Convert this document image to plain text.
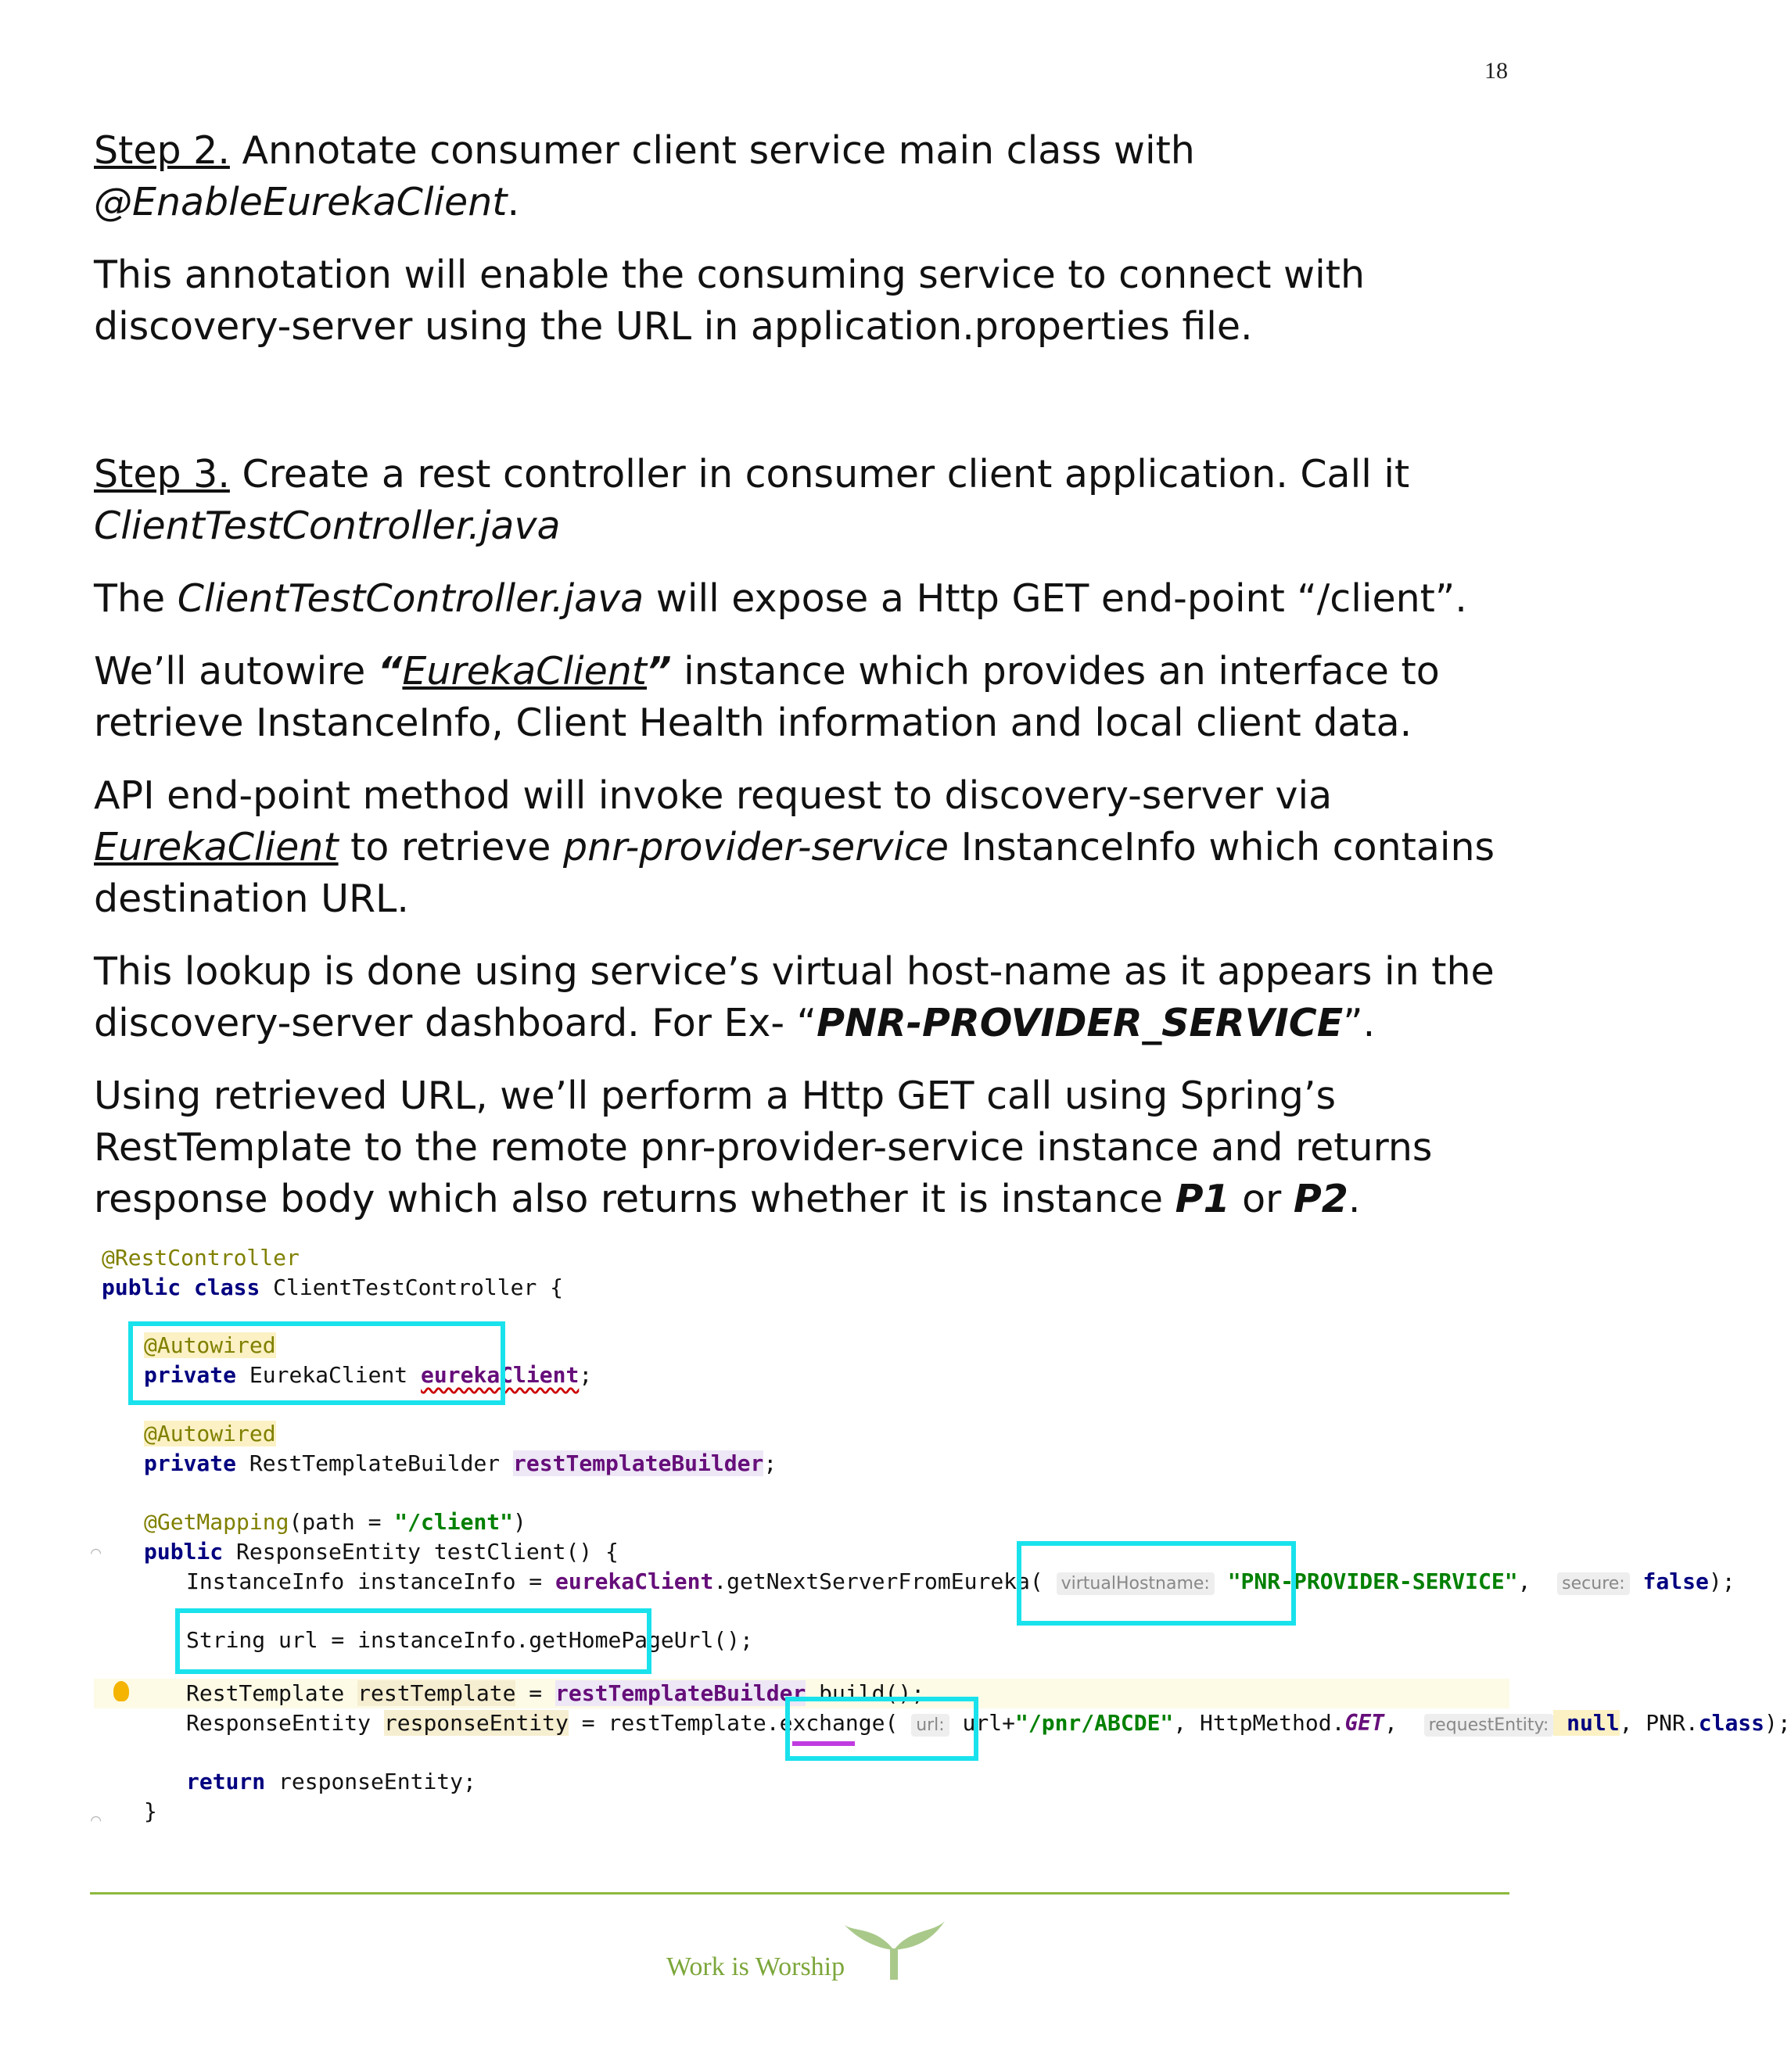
18

Step 2. Annotate consumer client service main class with
@EnableEurekaClient.

This annotation will enable the consuming service to connect with discovery-server using the URL in application.properties file.

Step 3. Create a rest controller in consumer client application. Call it
ClientTestController.java

The ClientTestController.java will expose a Http GET end-point “/client”.

We’ll autowire “EurekaClient” instance which provides an interface to retrieve InstanceInfo, Client Health information and local client data.

API end-point method will invoke request to discovery-server via EurekaClient to retrieve pnr-provider-service InstanceInfo which contains destination URL.

This lookup is done using service’s virtual host-name as it appears in the discovery-server dashboard. For Ex- “PNR-PROVIDER_SERVICE”.

Using retrieved URL, we’ll perform a Http GET call using Spring’s RestTemplate to the remote pnr-provider-service instance and returns response body which also returns whether it is instance P1 or P2.

⌒
⌒
@RestController
public class ClientTestController {
@Autowired
private EurekaClient eurekaClient;
@Autowired
private RestTemplateBuilder restTemplateBuilder;
@GetMapping(path = "/client")
public ResponseEntity testClient() {
InstanceInfo instanceInfo = eurekaClient.getNextServerFromEureka( virtualHostname: "PNR-PROVIDER-SERVICE",  secure: false);
String url = instanceInfo.getHomePageUrl();
RestTemplate restTemplate = restTemplateBuilder.build();
ResponseEntity responseEntity = restTemplate.exchange( url: url+"/pnr/ABCDE", HttpMethod.GET,  requestEntity: null, PNR.class);
return responseEntity;
}
Work is Worship
